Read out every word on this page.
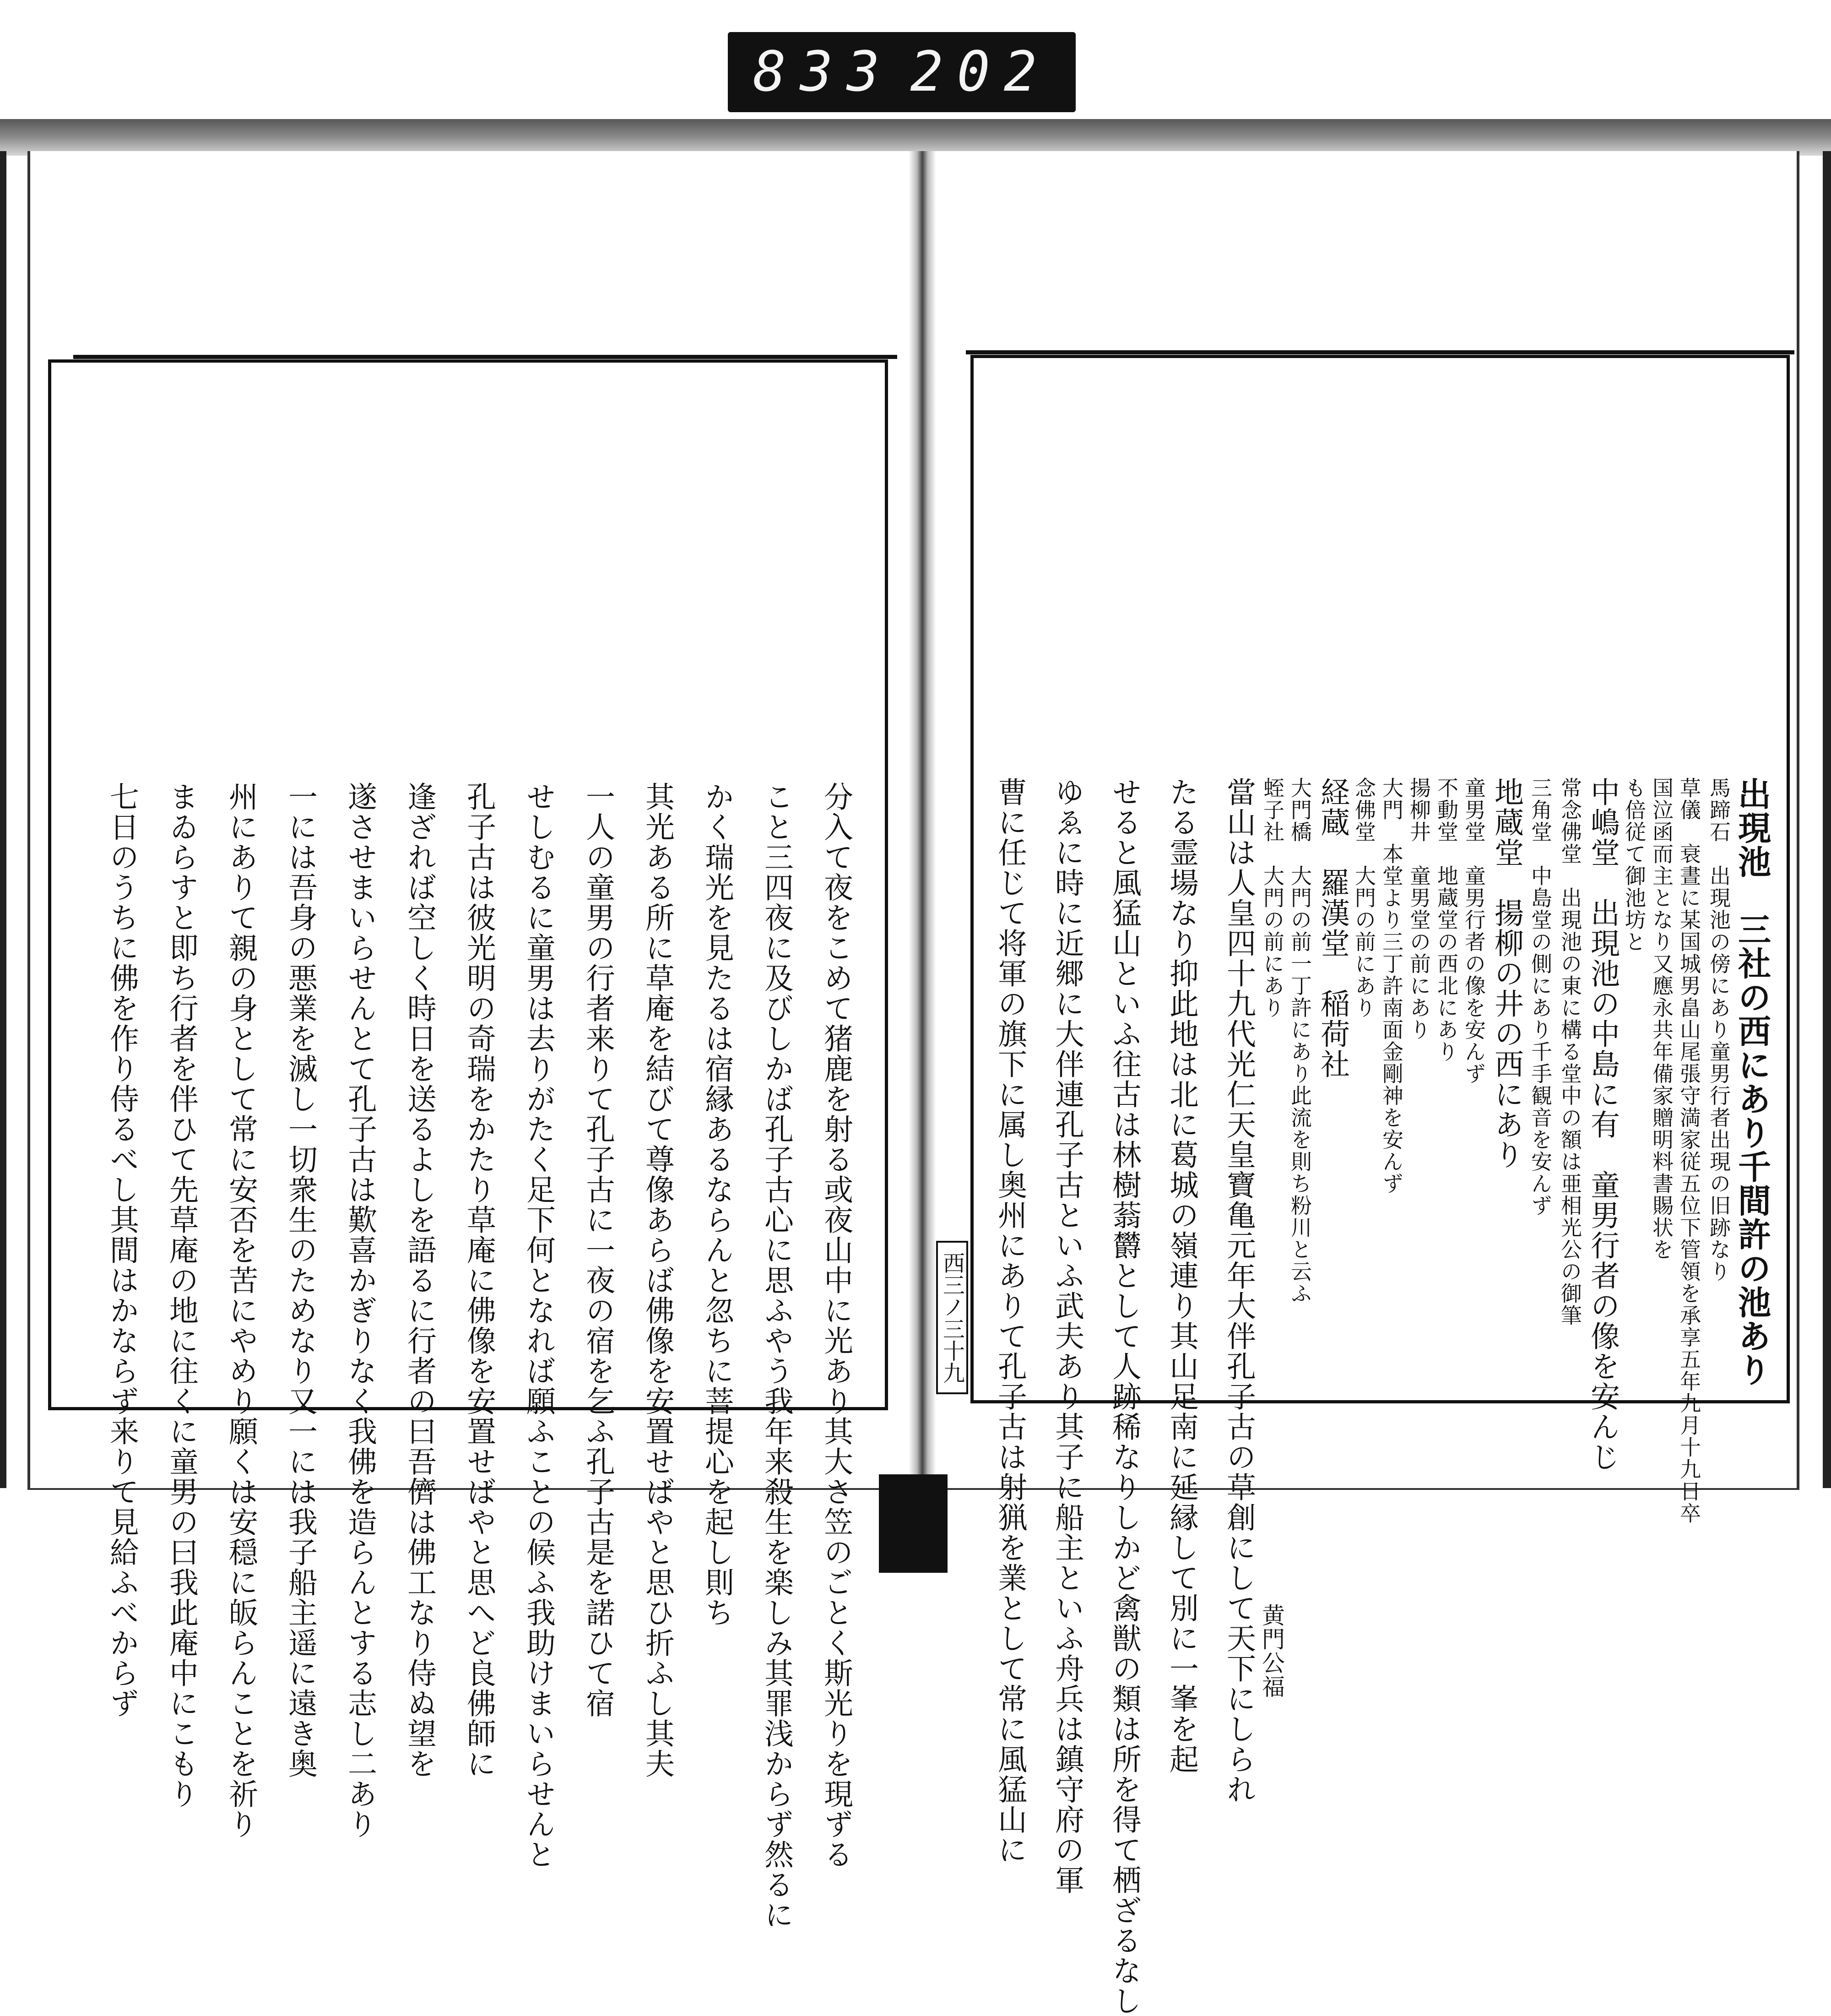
833 202
分入て夜をこめて猪鹿を射る或夜山中に光あり其大さ笠のごとく斯光りを現ずる
こと三四夜に及びしかば孔子古心に思ふやう我年来殺生を楽しみ其罪浅からず然るに
かく瑞光を見たるは宿縁あるならんと忽ちに菩提心を起し則ち
其光ある所に草庵を結びて尊像あらば佛像を安置せばやと思ひ折ふし其夫
一人の童男の行者来りて孔子古に一夜の宿を乞ふ孔子古是を諾ひて宿
せしむるに童男は去りがたく足下何となれば願ふことの候ふ我助けまいらせんと
孔子古は彼光明の奇瑞をかたり草庵に佛像を安置せばやと思へど良佛師に
逢ざれば空しく時日を送るよしを語るに行者の曰吾儕は佛工なり侍ぬ望を
遂させまいらせんとて孔子古は歎喜かぎりなく我佛を造らんとする志し二あり
一には吾身の悪業を滅し一切衆生のためなり又一には我子船主遥に遠き奥
州にありて親の身として常に安否を苦にやめり願くは安穏に皈らんことを祈り
まゐらすと即ち行者を伴ひて先草庵の地に往くに童男の曰我此庵中にこもり
七日のうちに佛を作り侍るべし其間はかならず来りて見給ふべからず	出現池　三社の西にあり千間許の池あり
馬蹄石　出現池の傍にあり童男行者出現の旧跡なり
草儀　衰晝に某国城男畠山尾張守満家従五位下管領を承享五年九月十九日卒
国泣函而主となり又應永共年備家贈明料書賜状を
も倍従て御池坊と
中嶋堂　出現池の中島に有　童男行者の像を安んじ
常念佛堂　出現池の東に構る堂中の額は亜相光公の御筆
三角堂　中島堂の側にあり千手観音を安んず
地蔵堂　揚柳の井の西にあり
童男堂　童男行者の像を安んず
不動堂　地蔵堂の西北にあり
揚柳井　童男堂の前にあり
大門　本堂より三丁許南面金剛神を安んず
念佛堂　大門の前にあり
経蔵　羅漢堂　稲荷社
大門橋　大門の前一丁許にあり此流を則ち粉川と云ふ
蛭子社　大門の前にあり
當山は人皇四十九代光仁天皇寶亀元年大伴孔子古の草創にして天下にしられ
たる霊場なり抑此地は北に葛城の嶺連り其山足南に延縁して別に一峯を起
せると風猛山といふ往古は林樹蓊欝として人跡稀なりしかど禽獣の類は所を得て栖ざるなし
ゆゑに時に近郷に大伴連孔子古といふ武夫あり其子に船主といふ舟兵は鎮守府の軍
曹に任じて将軍の旗下に属し奥州にありて孔子古は射猟を業として常に風猛山に	黄門公福
西三ノ三十九
